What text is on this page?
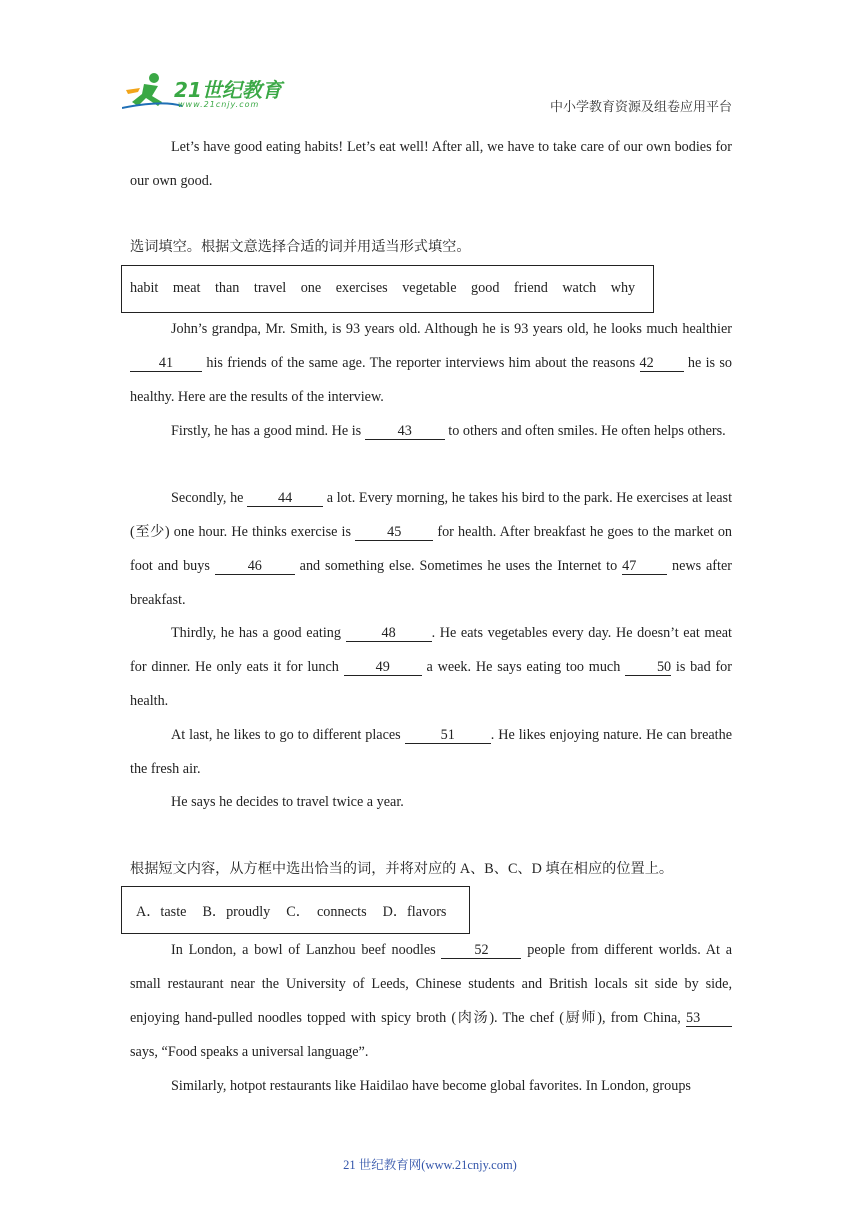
21世纪教育
www.21cnjy.com	中小学教育资源及组卷应用平台
Let’s have good eating habits! Let’s eat well! After all, we have to take care of our own bodies for our own good.
选词填空。根据文意选择合适的词并用适当形式填空。
habit meat than travel one exercises vegetable good friend watch why
John’s grandpa, Mr. Smith, is 93 years old. Although he is 93 years old, he looks much healthier 41 his friends of the same age. The reporter interviews him about the reasons 42 he is so healthy. Here are the results of the interview.
Firstly, he has a good mind. He is	43	to others and often smiles. He often helps others.
Secondly, he 44 a lot. Every morning, he takes his bird to the park. He exercises at least (至少) one hour. He thinks exercise is	45	for health. After breakfast he goes to the market on foot and buys	46	and something else. Sometimes he uses the Internet to 47	news after breakfast.
Thirdly, he has a good eating	48	. He eats vegetables every day. He doesn’t eat meat for dinner. He only eats it for lunch	49	a week. He says eating too much	50 is bad for health.
At last, he likes to go to different places	51	. He likes enjoying nature. He can breathe the fresh air.
He says he decides to travel twice a year.
根据短文内容，从方框中选出恰当的词，并将对应的 A、B、C、D 填在相应的位置上。
A．taste B．proudly C．　connects D．flavors
In London, a bowl of Lanzhou beef noodles	52	people from different worlds. At a small restaurant near the University of Leeds, Chinese students and British locals sit side by side, enjoying hand-pulled noodles topped with spicy broth (肉汤). The chef (厨师), from China, 53 says, “Food speaks a universal language”.
Similarly, hotpot restaurants like Haidilao have become global favorites. In London, groups
21 世纪教育网(www.21cnjy.com)
